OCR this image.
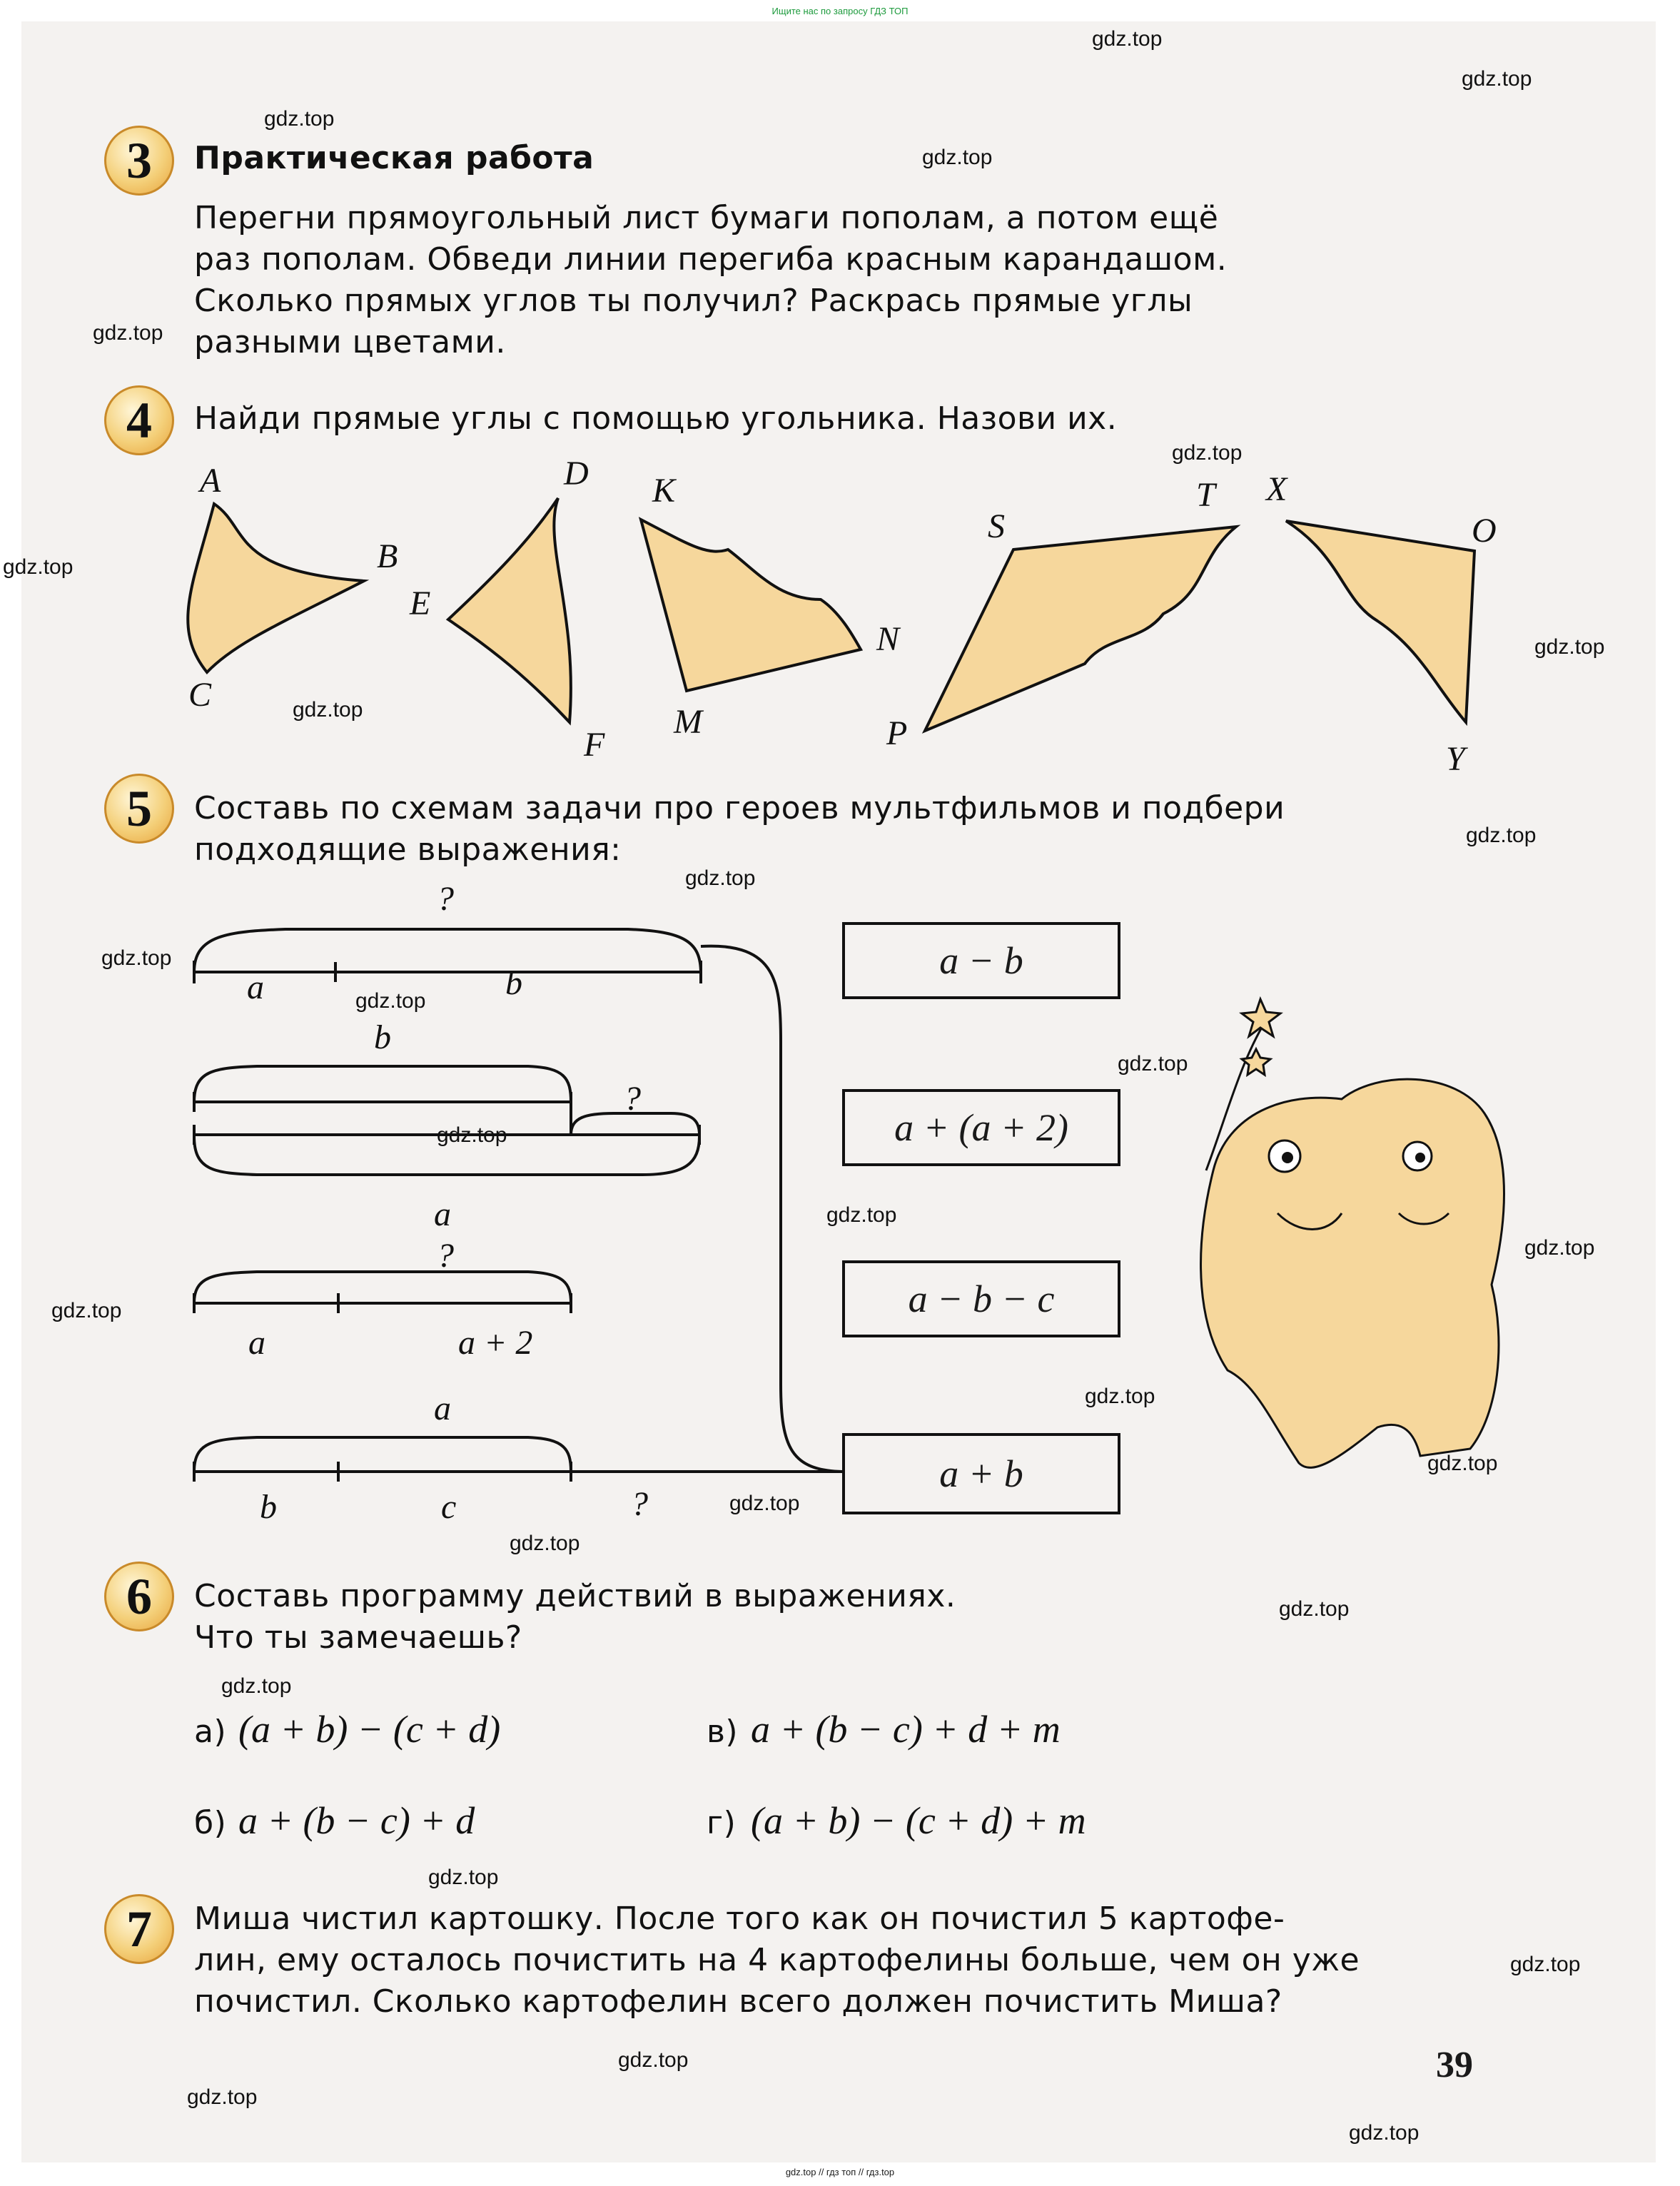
Ищите нас по запросу ГДЗ ТОП
gdz.top
gdz.top
gdz.top
gdz.top
gdz.top
gdz.top
gdz.top
gdz.top
gdz.top
gdz.top
gdz.top
gdz.top
gdz.top
gdz.top
gdz.top
gdz.top
gdz.top
gdz.top
gdz.top
gdz.top
gdz.top
gdz.top
gdz.top
gdz.top
gdz.top
gdz.top
gdz.top
gdz.top
gdz.top
3	Практическая работа
Перегни прямоугольный лист бумаги пополам, а потом ещё
раз пополам. Обведи линии перегиба красным карандашом.
Сколько прямых углов ты получил? Раскрась прямые углы
разными цветами.
4	Найди прямые углы с помощью угольника. Назови их.
A
B
C
D
E
F
K
M
N
S
T
P
X
O
Y
5	Составь по схемам задачи про героев мультфильмов и подбери
подходящие выражения:
?
a	b
b
?
a
?
a	a + 2
a
b	c	?
a − b
a + (a + 2)
a − b − c
a + b
6	Составь программу действий в выражениях.
Что ты замечаешь?
а) (a + b) − (c + d)	в) a + (b − c) + d + m
б) a + (b − c) + d	г) (a + b) − (c + d) + m
7	Миша чистил картошку. После того как он почистил 5 картофе-
лин, ему осталось почистить на 4 картофелины больше, чем он уже
почистил. Сколько картофелин всего должен почистить Миша?
39
gdz.top // гдз топ // гдз.top
